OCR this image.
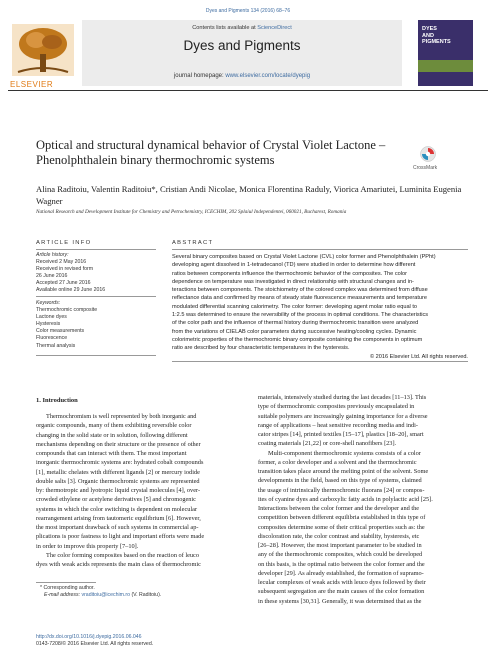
Dyes and Pigments 134 (2016) 68–76
ELSEVIER
Contents lists available at ScienceDirect
Dyes and Pigments
journal homepage: www.elsevier.com/locate/dyepig
DYES
AND
PIGMENTS
Optical and structural dynamical behavior of Crystal Violet Lactone – Phenolphthalein binary thermochromic systems
CrossMark
Alina Raditoiu, Valentin Raditoiu*, Cristian Andi Nicolae, Monica Florentina Raduly, Viorica Amariutei, Luminita Eugenia Wagner
National Research and Development Institute for Chemistry and Petrochemistry, ICECHIM, 202 Splaiul Independentei, 060021, Bucharest, Romania
ARTICLE INFO
Article history:
Received 2 May 2016
Received in revised form
26 June 2016
Accepted 27 June 2016
Available online 29 June 2016
Keywords:
Thermochromic composite
Lactone dyes
Hysteresis
Color measurements
Fluorescence
Thermal analysis
ABSTRACT
Several binary composites based on Crystal Violet Lactone (CVL) color former and Phenolphthalein (PPht)
developing agent dissolved in 1-tetradecanol (TD) were studied in order to determine how different
ratios between components influence the thermochromic behavior of the composites. The color
dependence on temperature was investigated in direct relationship with structural changes and in-
teractions between components. The stoichiometry of the colored complex was determined from diffuse
reflectance data and confirmed by means of steady state fluorescence measurements and temperature
modulated differential scanning calorimetry. The color former: developing agent molar ratio equal to
1:2.5 was determined to ensure the reversibility of the process in optimal conditions. The characteristics
of the color path and the influence of thermal history during thermochromic transition were analyzed
from the variations of CIELAB color parameters during successive heating/cooling cycles. Dynamic
colorimetric properties of the thermochromic binary composite containing the components in optimum
ratio are described by four characteristic temperatures in the hysteresis.
© 2016 Elsevier Ltd. All rights reserved.
1. Introduction
Thermochromism is well represented by both inorganic and
organic compounds, many of them exhibiting reversible color
changing in the solid state or in solution, following different
mechanisms depending on their structure or the presence of other
compounds that can interact with them. The most important
inorganic thermochromic systems are: hydrated cobalt compounds
[1], metallic chelates with different ligands [2] or mercury iodide
double salts [3]. Organic thermochromic systems are represented
by: thermotropic and lyotropic liquid crystal molecules [4], over-
crowded ethylene or acetylene derivatives [5] and chromogenic
systems in which the color switching is dependent on molecular
rearrangement arising from tautomeric equilibrium [6]. However,
the most important drawback of such systems in commercial ap-
plications is poor fastness to light and important efforts were made
in order to improve this property [7–10].
The color forming composites based on the reaction of leuco
dyes with weak acids represents the main class of thermochromic
materials, intensively studied during the last decades [11–13]. This
type of thermochromic composites previously encapsulated in
suitable polymers are increasingly gaining importance for a diverse
range of applications – heat sensitive recording media and indi-
cator stripes [14], printed textiles [15–17], plastics [18–20], smart
coating materials [21,22] or core-shell nanofibers [23].
Multi-component thermochromic systems consists of a color
former, a color developer and a solvent and the thermochromic
transition takes place around the melting point of the solvent. Some
developments in the field, based on this type of systems, claimed
the usage of intrinsically thermochromic fluorans [24] or compos-
ites of cyanine dyes and carboxylic fatty acids in polylactic acid [25].
Interactions between the color former and the developer and the
competition between different equilibria established in this type of
composites determine some of their critical properties such as: the
discoloration rate, the color contrast and stability, hysteresis, etc
[26–28]. However, the most important parameter to be studied in
any of the thermochromic composites, which could be developed
on this basis, is the optimal ratio between the color former and the
developer [29]. As already established, the formation of supramo-
lecular complexes of weak acids with leuco dyes followed by their
subsequent segregation are the main causes of the color formation
in these systems [30,31]. Generally, it was determined that as the
* Corresponding author.
E-mail address: vraditoiu@icechim.ro (V. Raditoiu).
http://dx.doi.org/10.1016/j.dyepig.2016.06.046
0143-7208/© 2016 Elsevier Ltd. All rights reserved.
